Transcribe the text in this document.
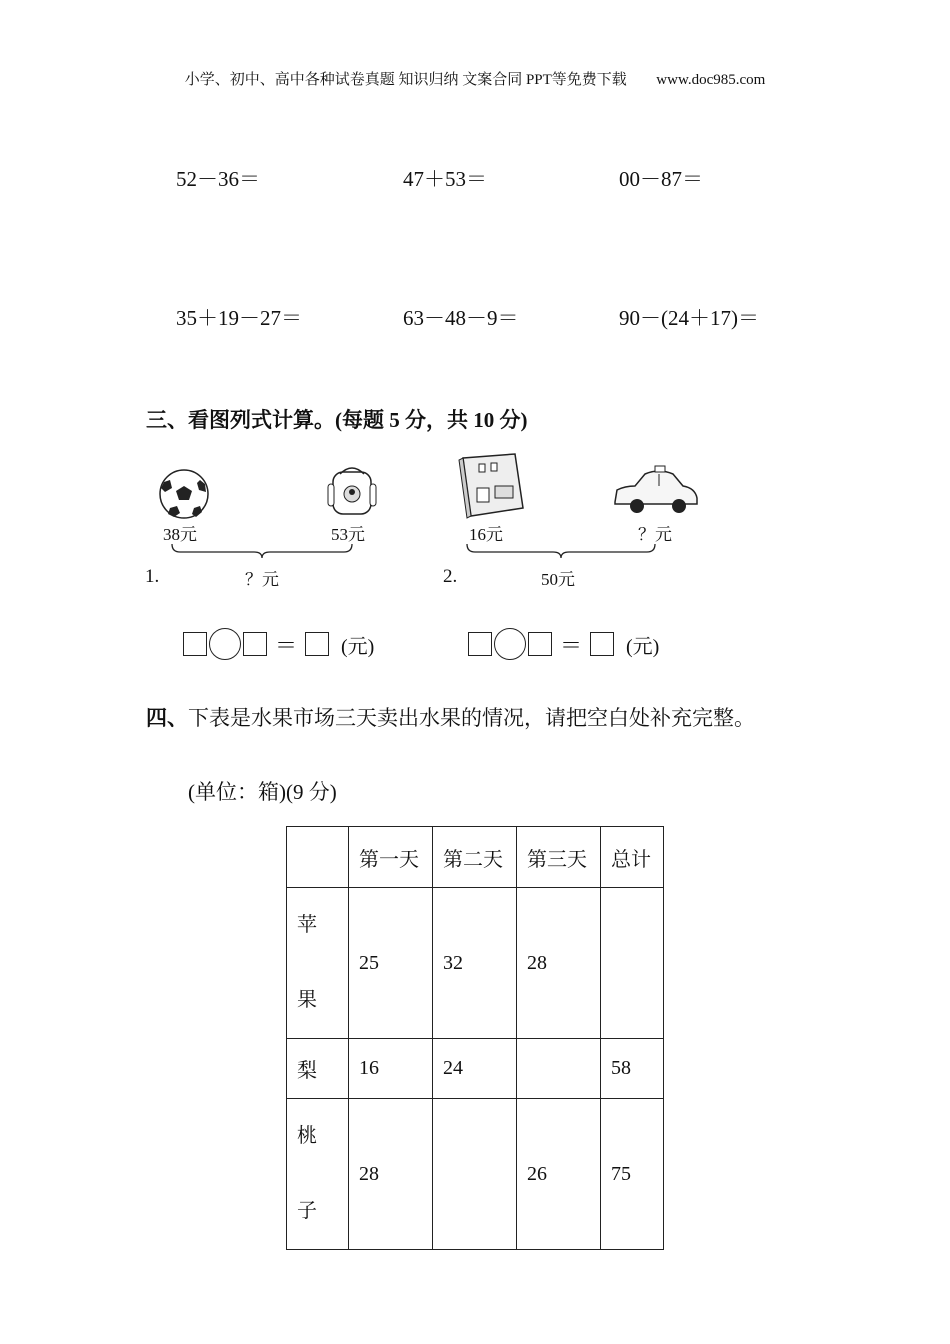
小学、初中、高中各种试卷真题 知识归纳 文案合同 PPT等免费下载 www.doc985.com
52－36＝	47＋53＝	00－87＝
35＋19－27＝	63－48－9＝	90－(24＋17)＝
三、看图列式计算。(每题 5 分，共 10 分)
38元	53元
？元
1.
16元	？元
50元
2.
＝ (元)	＝ (元)
四、下表是水果市场三天卖出水果的情况，请把空白处补充完整。
(单位：箱)(9 分)
	第一天	第二天	第三天	总计

苹
果	25	32	28	
梨	16	24		58

桃
子	28		26	75
